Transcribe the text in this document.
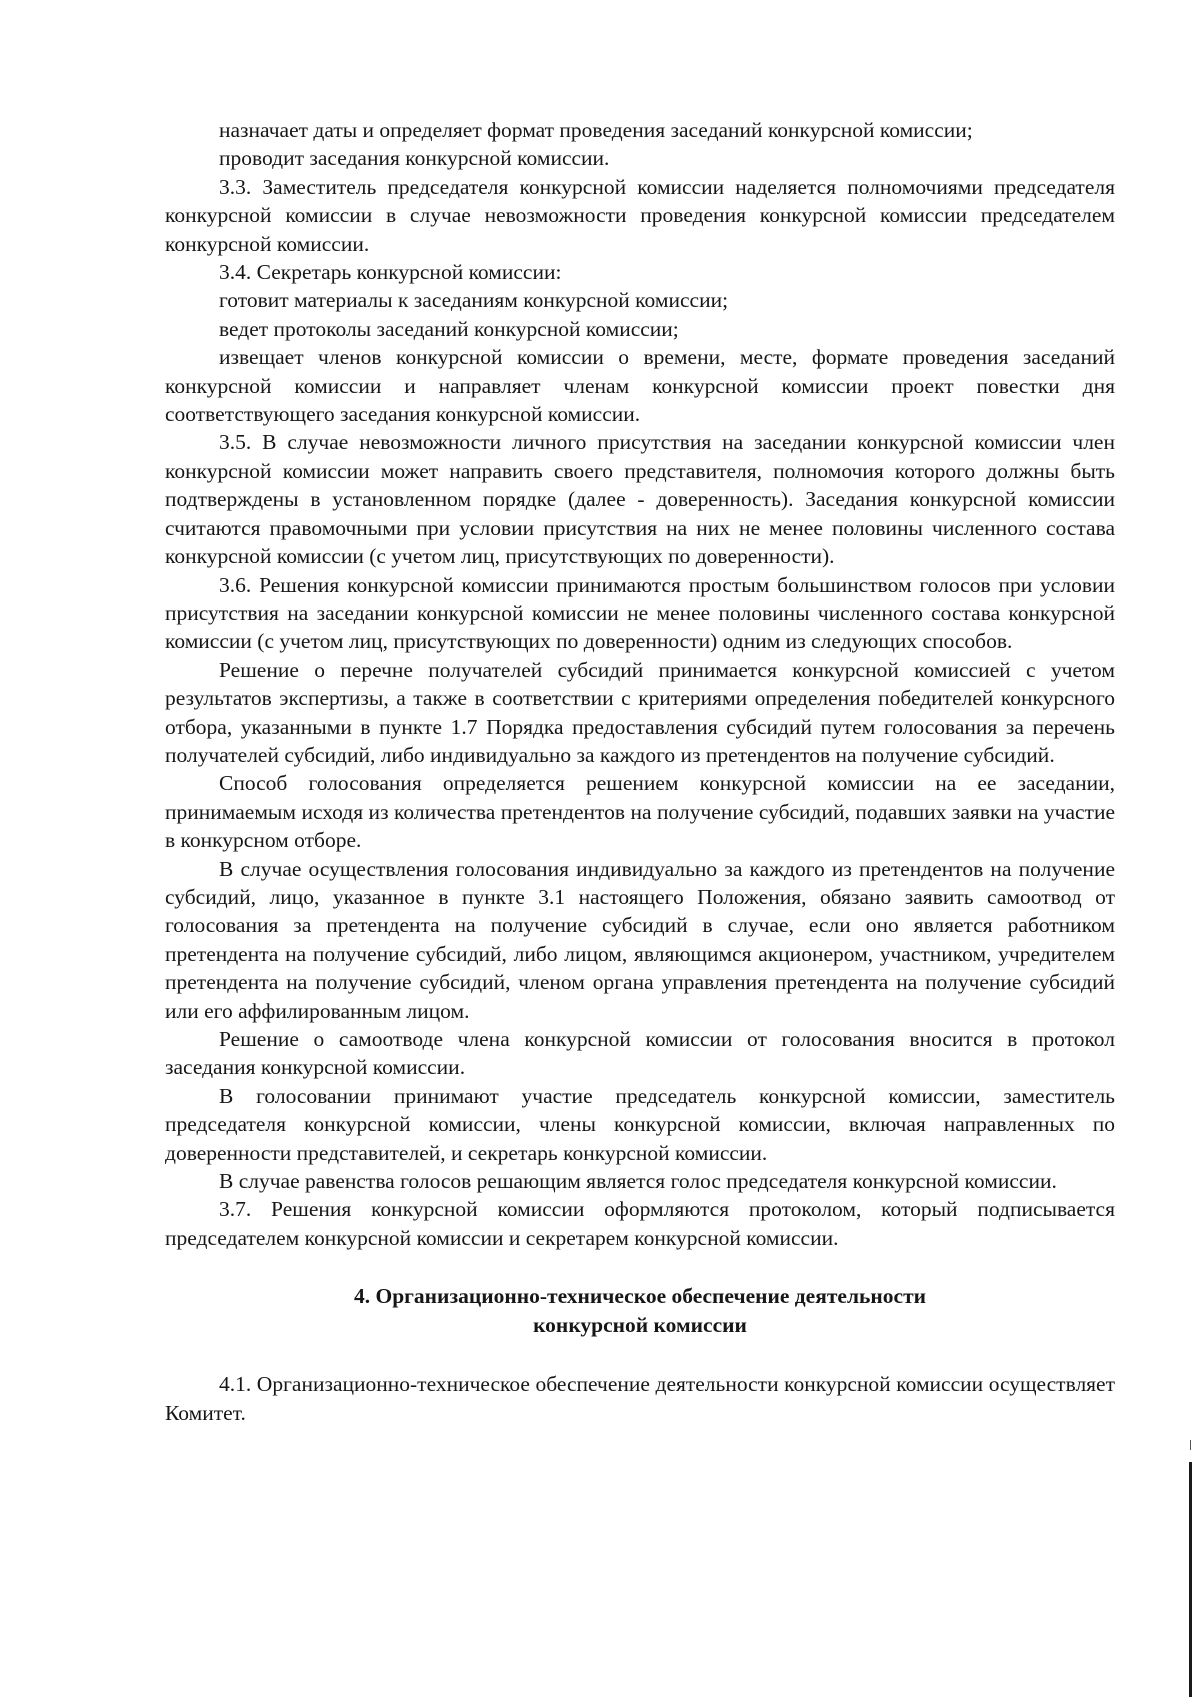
назначает даты и определяет формат проведения заседаний конкурсной комиссии;

проводит заседания конкурсной комиссии.

3.3. Заместитель председателя конкурсной комиссии наделяется полномочиями председателя конкурсной комиссии в случае невозможности проведения конкурсной комиссии председателем конкурсной комиссии.

3.4. Секретарь конкурсной комиссии:

готовит материалы к заседаниям конкурсной комиссии;

ведет протоколы заседаний конкурсной комиссии;

извещает членов конкурсной комиссии о времени, месте, формате проведения заседаний конкурсной комиссии и направляет членам конкурсной комиссии проект повестки дня соответствующего заседания конкурсной комиссии.

3.5. В случае невозможности личного присутствия на заседании конкурсной комиссии член конкурсной комиссии может направить своего представителя, полномочия которого должны быть подтверждены в установленном порядке (далее - доверенность). Заседания конкурсной комиссии считаются правомочными при условии присутствия на них не менее половины численного состава конкурсной комиссии (с учетом лиц, присутствующих по доверенности).

3.6. Решения конкурсной комиссии принимаются простым большинством голосов при условии присутствия на заседании конкурсной комиссии не менее половины численного состава конкурсной комиссии (с учетом лиц, присутствующих по доверенности) одним из следующих способов.

Решение о перечне получателей субсидий принимается конкурсной комиссией с учетом результатов экспертизы, а также в соответствии с критериями определения победителей конкурсного отбора, указанными в пункте 1.7 Порядка предоставления субсидий путем голосования за перечень получателей субсидий, либо индивидуально за каждого из претендентов на получение субсидий.

Способ голосования определяется решением конкурсной комиссии на ее заседании, принимаемым исходя из количества претендентов на получение субсидий, подавших заявки на участие в конкурсном отборе.

В случае осуществления голосования индивидуально за каждого из претендентов на получение субсидий, лицо, указанное в пункте 3.1 настоящего Положения, обязано заявить самоотвод от голосования за претендента на получение субсидий в случае, если оно является работником претендента на получение субсидий, либо лицом, являющимся акционером, участником, учредителем претендента на получение субсидий, членом органа управления претендента на получение субсидий или его аффилированным лицом.

Решение о самоотводе члена конкурсной комиссии от голосования вносится в протокол заседания конкурсной комиссии.

В голосовании принимают участие председатель конкурсной комиссии, заместитель председателя конкурсной комиссии, члены конкурсной комиссии, включая направленных по доверенности представителей, и секретарь конкурсной комиссии.

В случае равенства голосов решающим является голос председателя конкурсной комиссии.

3.7. Решения конкурсной комиссии оформляются протоколом, который подписывается председателем конкурсной комиссии и секретарем конкурсной комиссии.

4. Организационно-техническое обеспечение деятельности
конкурсной комиссии

4.1. Организационно-техническое обеспечение деятельности конкурсной комиссии осуществляет Комитет.
